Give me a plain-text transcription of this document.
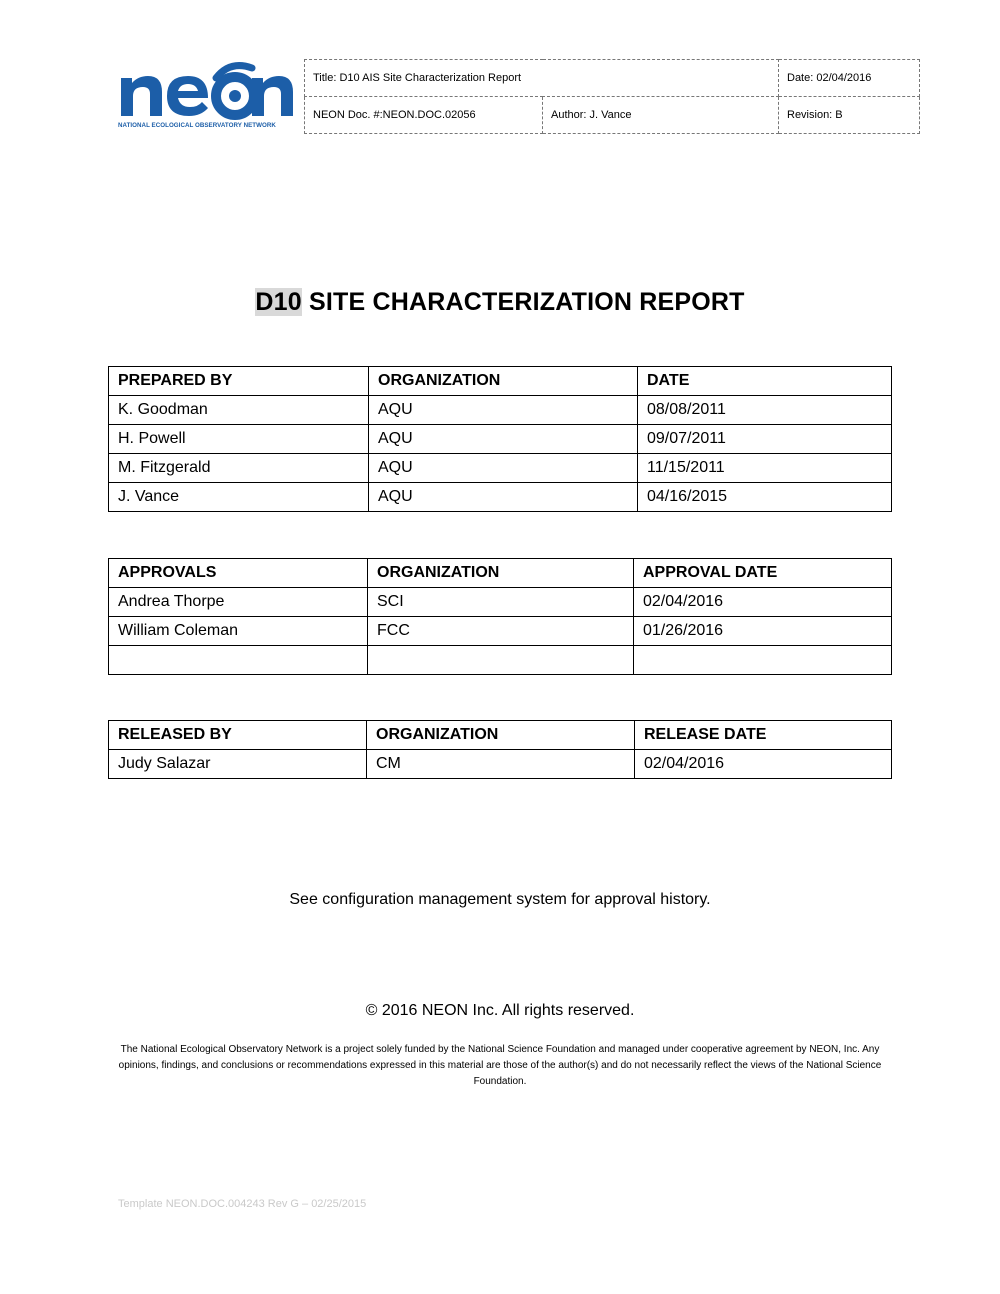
NATIONAL ECOLOGICAL OBSERVATORY NETWORK
Title: D10 AIS Site Characterization Report		Date: 02/04/2016
NEON Doc. #:NEON.DOC.02056	Author: J. Vance	Revision: B
D10 SITE CHARACTERIZATION REPORT
PREPARED BY	ORGANIZATION	DATE
K. Goodman	AQU	08/08/2011
H. Powell	AQU	09/07/2011
M. Fitzgerald	AQU	11/15/2011
J. Vance	AQU	04/16/2015
APPROVALS	ORGANIZATION	APPROVAL DATE
Andrea Thorpe	SCI	02/04/2016
William Coleman	FCC	01/26/2016

RELEASED BY	ORGANIZATION	RELEASE DATE
Judy Salazar	CM	02/04/2016
See configuration management system for approval history.
© 2016 NEON Inc. All rights reserved.
The National Ecological Observatory Network is a project solely funded by the National Science Foundation and managed under cooperative agreement by NEON, Inc. Any opinions, findings, and conclusions or recommendations expressed in this material are those of the author(s) and do not necessarily reflect the views of the National Science Foundation.
Template NEON.DOC.004243 Rev G – 02/25/2015
